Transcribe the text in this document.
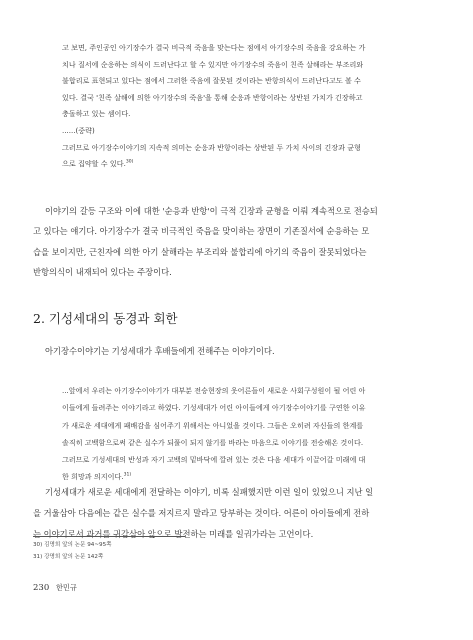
고 보면, 주인공인 아기장수가 결국 비극적 죽음을 맞는다는 점에서 아기장수의 죽음을 강요하는 가

치나 질서에 순응하는 의식이 드러난다고 할 수 있지만 아기장수의 죽음이 친족 살해라는 부조리와

불합리로 표현되고 있다는 점에서 그러한 죽음에 잘못된 것이라는 반항의식이 드러난다고도 볼 수

있다. 결국 '친족 살해에 의한 아기장수의 죽음'을 통해 순응과 반항이라는 상반된 가치가 긴장하고

충돌하고 있는 셈이다.

......(중략)

그러므로 아기장수이야기의 지속적 의미는 순응과 반항이라는 상반된 두 가치 사이의 긴장과 균형

으로 집약할 수 있다.$^{30)}$

이야기의 갈등 구조와 이에 대한 '순응과 반항'이 극적 긴장과 균형을 이뤄 계속적으로 전승되

고 있다는 얘기다. 아기장수가 결국 비극적인 죽음을 맞이하는 장면이 기존질서에 순응하는 모

습을 보이지만, 근친자에 의한 아기 살해라는 부조리와 불합리에 아기의 죽음이 잘못되었다는

반항의식이 내재되어 있다는 주장이다.

2. 기성세대의 동경과 회한

아기장수이야기는 기성세대가 후배들에게 전해주는 이야기이다.

...앞에서 우리는 아기장수이야기가 대부분 전승현장의 웃어른들이 새로운 사회구성원이 될 어린 아

이들에게 들려주는 이야기라고 하였다. 기성세대가 어린 아이들에게 아기장수이야기를 구연한 이유

가 새로운 세대에게 패배감을 심어주기 위해서는 아니었을 것이다. 그들은 오히려 자신들의 한계를

솔직히 고백함으로써 같은 실수가 되풀이 되지 않기를 바라는 마음으로 이야기를 전승해온 것이다.

그러므로 기성세대의 반성과 자기 고백의 밑바닥에 깔려 있는 것은 다음 세대가 이끌어갈 미래에 대

한 희망과 의지이다.$^{31)}$

기성세대가 새로운 세대에게 전달하는 이야기, 비록 실패했지만 이런 일이 있었으니 지난 일

을 거울삼아 다음에는 같은 실수를 저지르지 말라고 당부하는 것이다. 어른이 아이들에게 전하

는 이야기로서 과거를 귀감삼아 앞으로 발전하는 미래를 일궈가라는 고언이다.

30) 김명희 앞의 논문 94~95쪽
31) 강명희 앞의 논문 142쪽
230 한민규
